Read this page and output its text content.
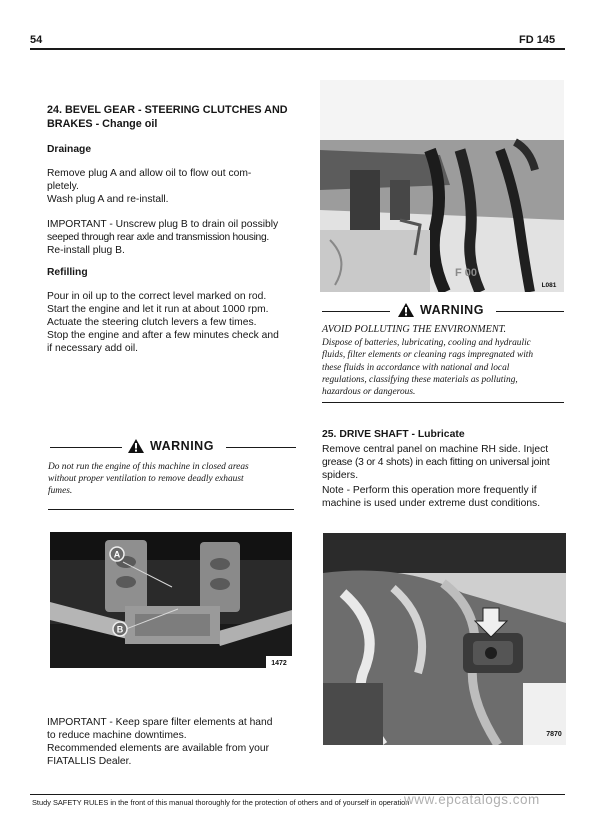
54	FD 145

24. BEVEL GEAR - STEERING CLUTCHES AND

BRAKES - Change oil

Drainage

Remove plug A and allow oil to flow out com-

pletely.

Wash plug A and re-install.

IMPORTANT - Unscrew plug B to drain oil possibly

seeped through rear axle and transmission housing.

Re-install plug B.

Refilling

Pour in oil up to the correct level marked on rod.

Start the engine and let it run at about 1000 rpm.

Actuate the steering clutch levers a few times.

Stop the engine and after a few minutes check and

if necessary add oil.

WARNING

Do not run the engine of this machine in closed areas

without proper ventilation to remove deadly exhaust

fumes.

A
B
1472

IMPORTANT - Keep spare filter elements at hand

to reduce machine downtimes.

Recommended elements are available from your

FIATALLIS Dealer.

F 00
L081
WARNING

AVOID POLLUTING THE ENVIRONMENT.

Dispose of batteries, lubricating, cooling and hydraulic

fluids, filter elements or cleaning rags impregnated with

these fluids in accordance with national and local

regulations, classifying these materials as polluting,

hazardous or dangerous.

25. DRIVE SHAFT - Lubricate

Remove central panel on machine RH side. Inject

grease (3 or 4 shots) in each fitting on universal joint

spiders.

Note - Perform this operation more frequently if

machine is used under extreme dust conditions.

7870
Study SAFETY RULES in the front of this manual thoroughly for the protection of others and of yourself in operation
www.epcatalogs.com
